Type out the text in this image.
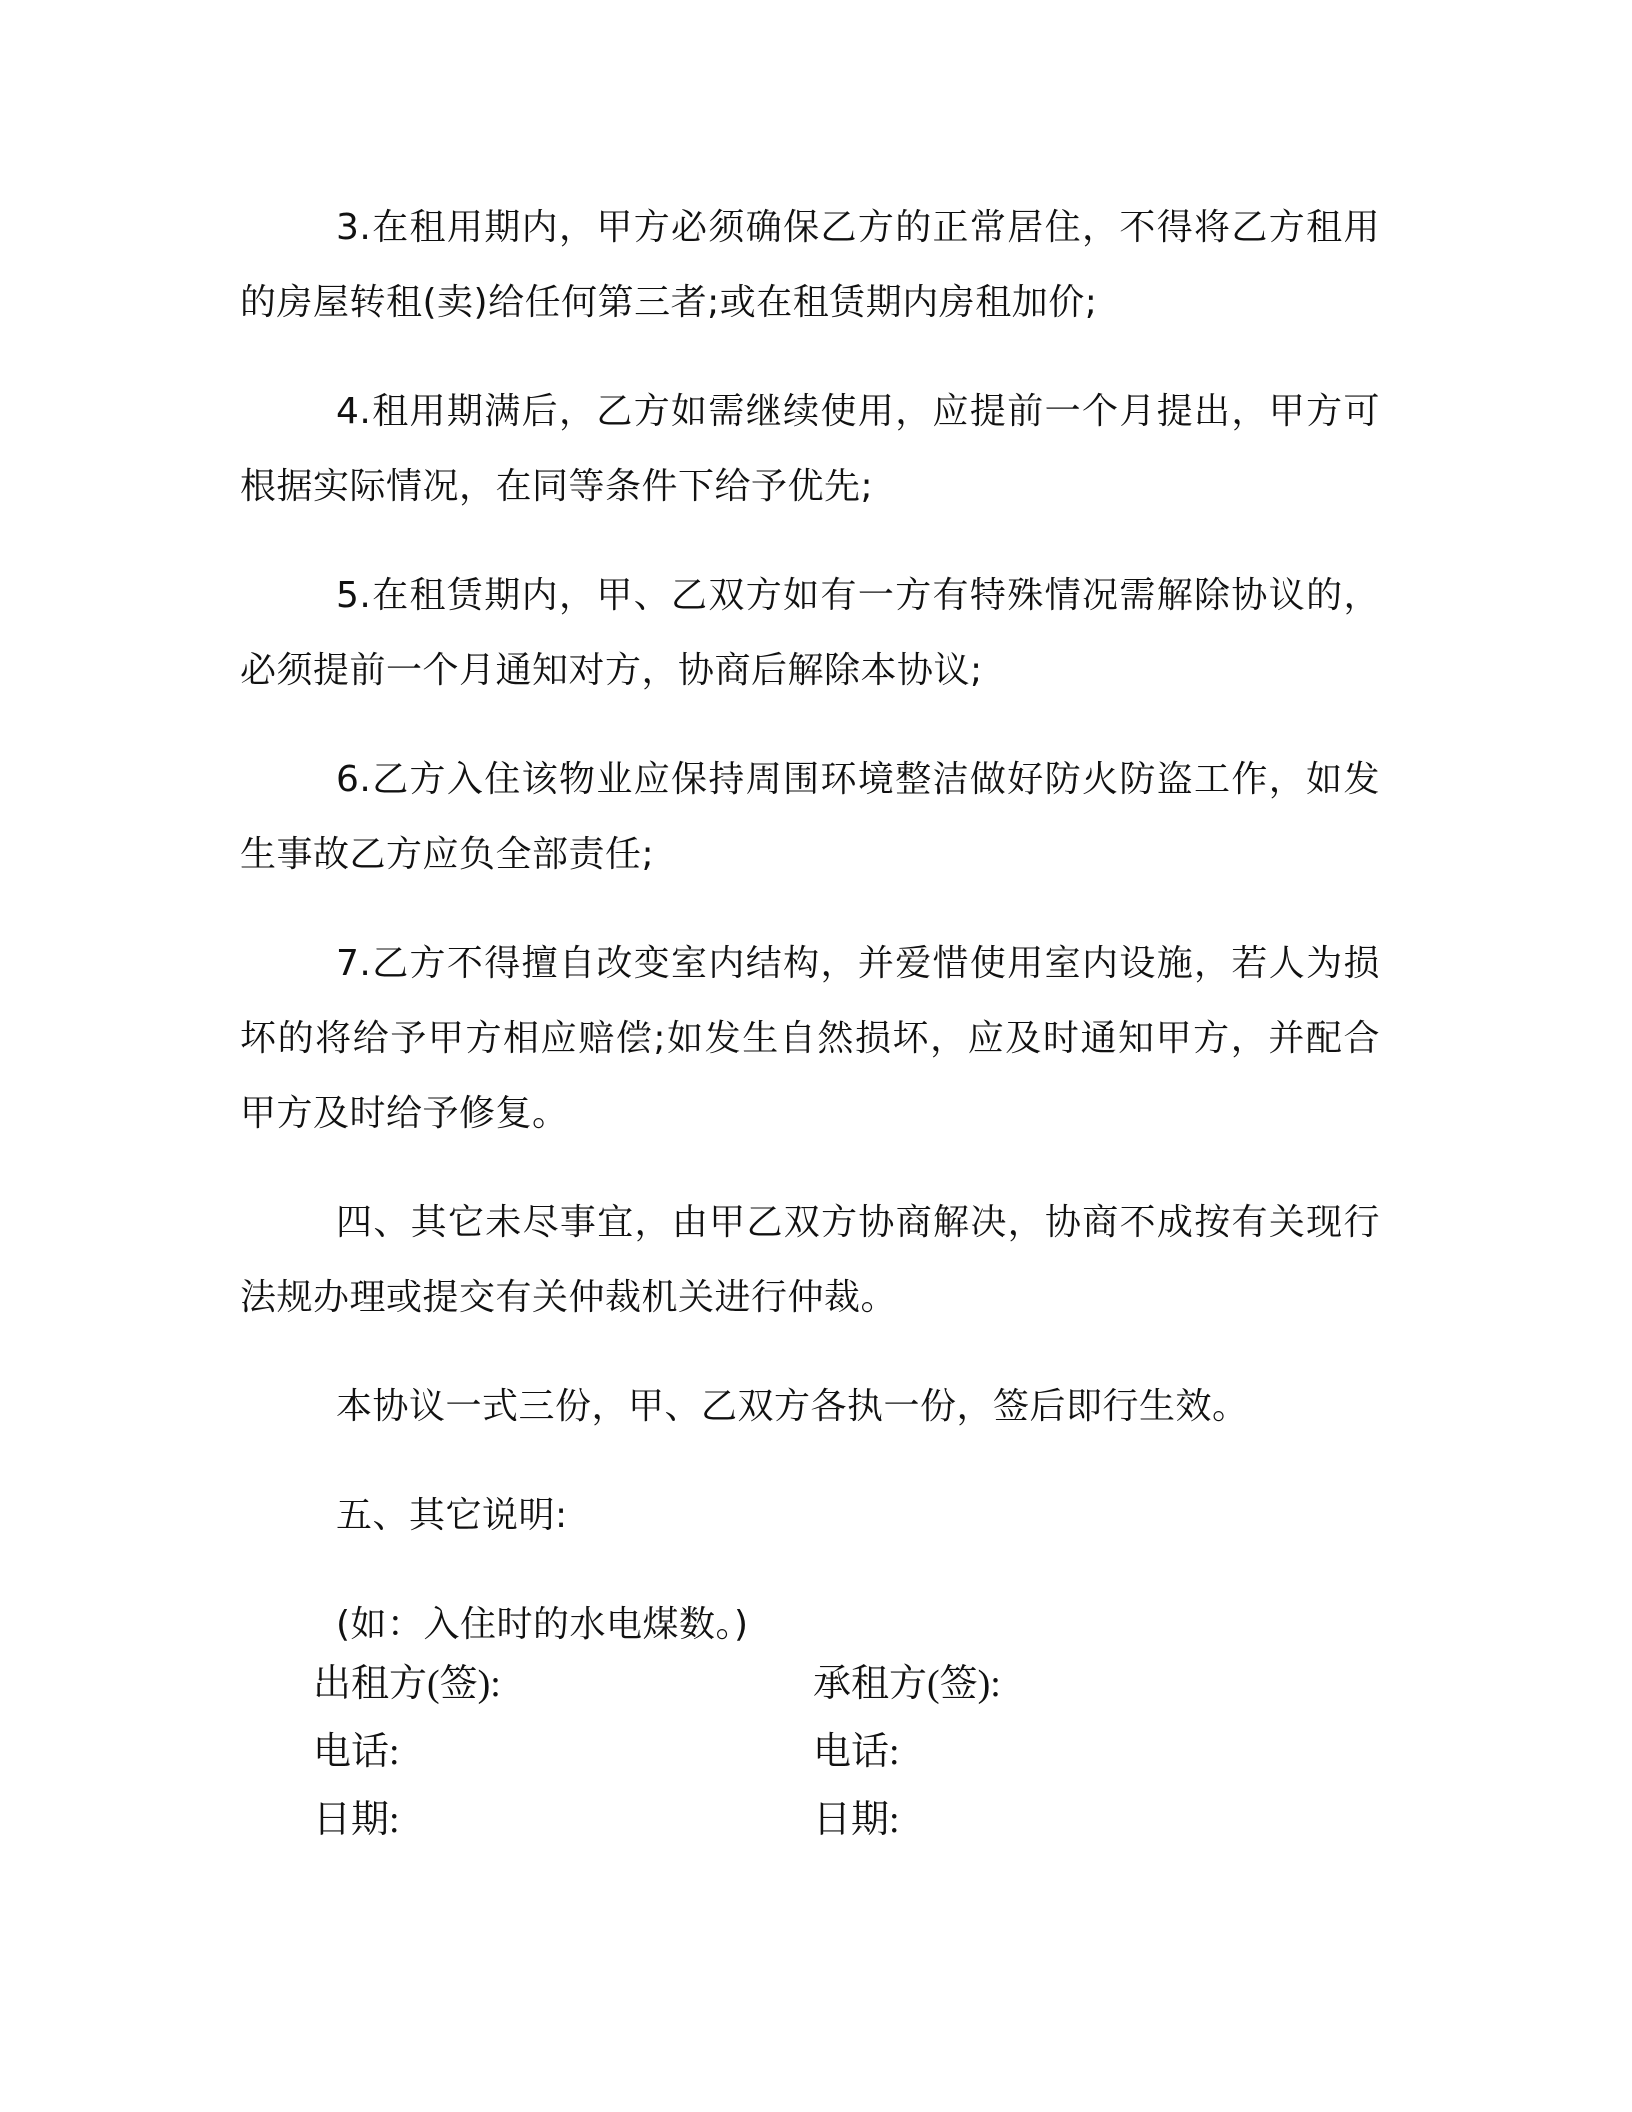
3.在租用期内，甲方必须确保乙方的正常居住，不得将乙方租用的房屋转租(卖)给任何第三者;或在租赁期内房租加价;

4.租用期满后，乙方如需继续使用，应提前一个月提出，甲方可根据实际情况，在同等条件下给予优先;

5.在租赁期内，甲、乙双方如有一方有特殊情况需解除协议的，必须提前一个月通知对方，协商后解除本协议;

6.乙方入住该物业应保持周围环境整洁做好防火防盗工作，如发生事故乙方应负全部责任;

7.乙方不得擅自改变室内结构，并爱惜使用室内设施，若人为损坏的将给予甲方相应赔偿;如发生自然损坏，应及时通知甲方，并配合甲方及时给予修复。

四、其它未尽事宜，由甲乙双方协商解决，协商不成按有关现行法规办理或提交有关仲裁机关进行仲裁。

本协议一式三份，甲、乙双方各执一份，签后即行生效。

五、其它说明:

(如：入住时的水电煤数。)

出租方(签):	承租方(签):
电话:	电话:
日期:	日期:
